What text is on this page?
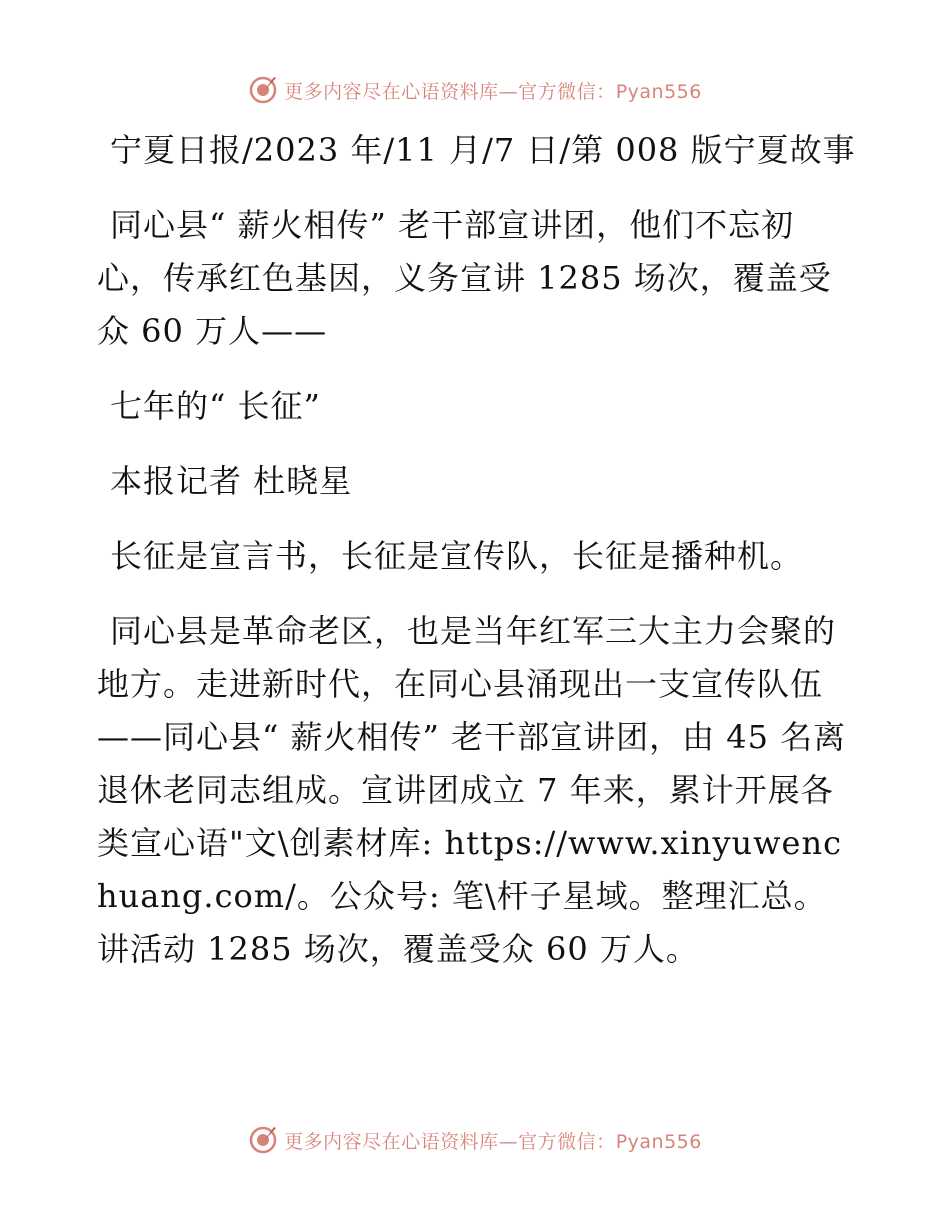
更多内容尽在心语资料库—官方微信：Pyan556

宁夏日报/2023 年/11 月/7 日/第 008 版宁夏故事

同心县“ 薪火相传” 老干部宣讲团，他们不忘初心，传承红色基因，义务宣讲 1285 场次，覆盖受众 60 万人——

七年的“ 长征”

本报记者 杜晓星

长征是宣言书，长征是宣传队，长征是播种机。

同心县是革命老区，也是当年红军三大主力会聚的地方。走进新时代，在同心县涌现出一支宣传队伍——同心县“ 薪火相传” 老干部宣讲团，由 45 名离退休老同志组成。宣讲团成立 7 年来，累计开展各类宣心语"文\创素材库: https://www.xinyuwenchuang.com/。公众号: 笔\杆子星域。整理汇总。讲活动 1285 场次，覆盖受众 60 万人。

更多内容尽在心语资料库—官方微信：Pyan556
